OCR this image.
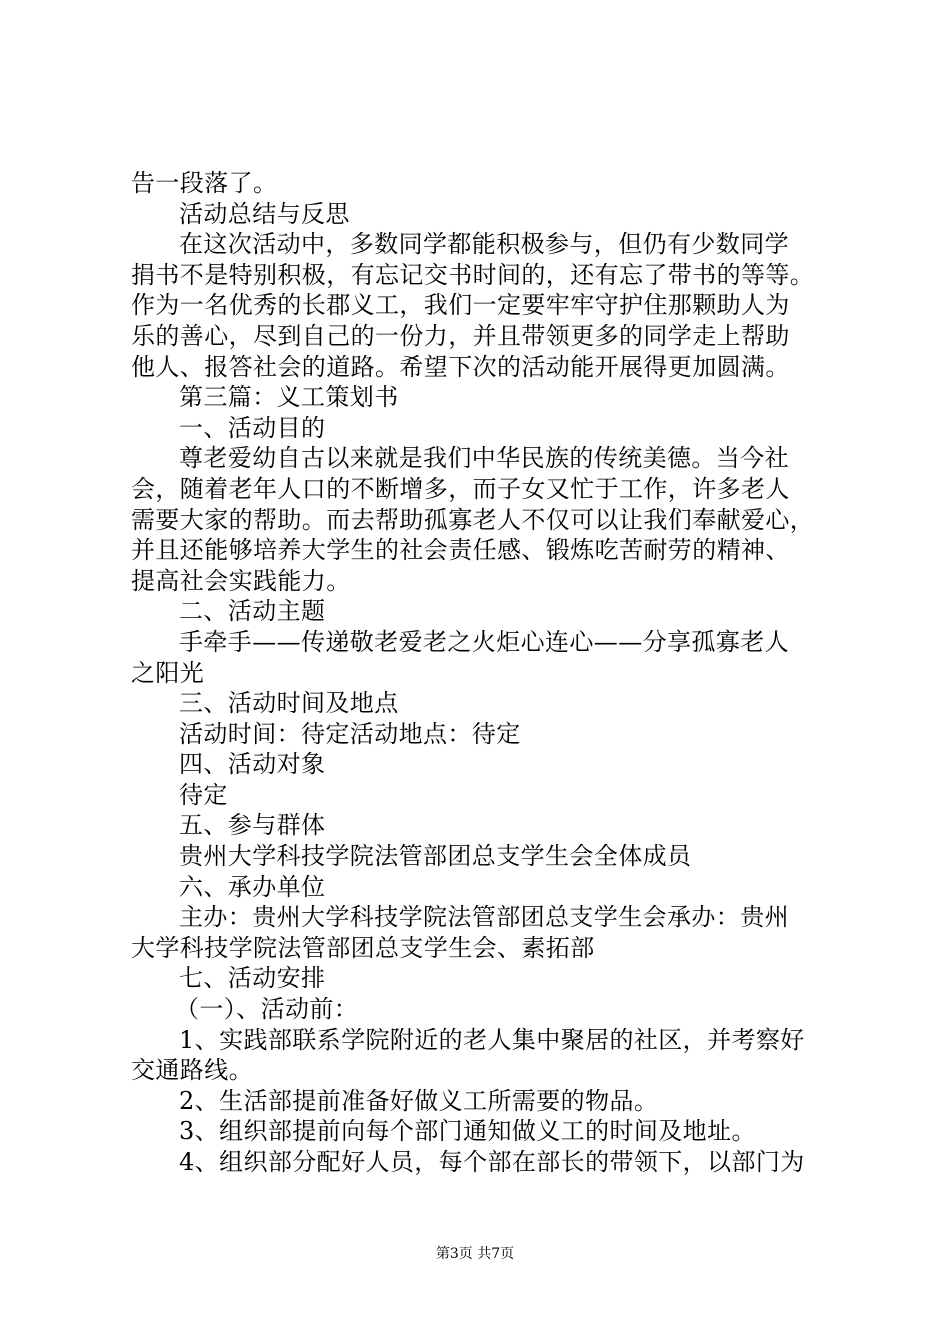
告一段落了。
活动总结与反思
在这次活动中，多数同学都能积极参与，但仍有少数同学
捐书不是特别积极，有忘记交书时间的，还有忘了带书的等等。
作为一名优秀的长郡义工，我们一定要牢牢守护住那颗助人为
乐的善心，尽到自己的一份力，并且带领更多的同学走上帮助
他人、报答社会的道路。希望下次的活动能开展得更加圆满。
第三篇：义工策划书
一、活动目的
尊老爱幼自古以来就是我们中华民族的传统美德。当今社
会，随着老年人口的不断增多，而子女又忙于工作，许多老人
需要大家的帮助。而去帮助孤寡老人不仅可以让我们奉献爱心，
并且还能够培养大学生的社会责任感、锻炼吃苦耐劳的精神、
提高社会实践能力。
二、活动主题
手牵手——传递敬老爱老之火炬心连心——分享孤寡老人
之阳光
三、活动时间及地点
活动时间：待定活动地点：待定
四、活动对象
待定
五、参与群体
贵州大学科技学院法管部团总支学生会全体成员
六、承办单位
主办：贵州大学科技学院法管部团总支学生会承办：贵州
大学科技学院法管部团总支学生会、素拓部
七、活动安排
（一）、活动前：
1、实践部联系学院附近的老人集中聚居的社区，并考察好
交通路线。
2、生活部提前准备好做义工所需要的物品。
3、组织部提前向每个部门通知做义工的时间及地址。
4、组织部分配好人员，每个部在部长的带领下，以部门为
第3页 共7页
